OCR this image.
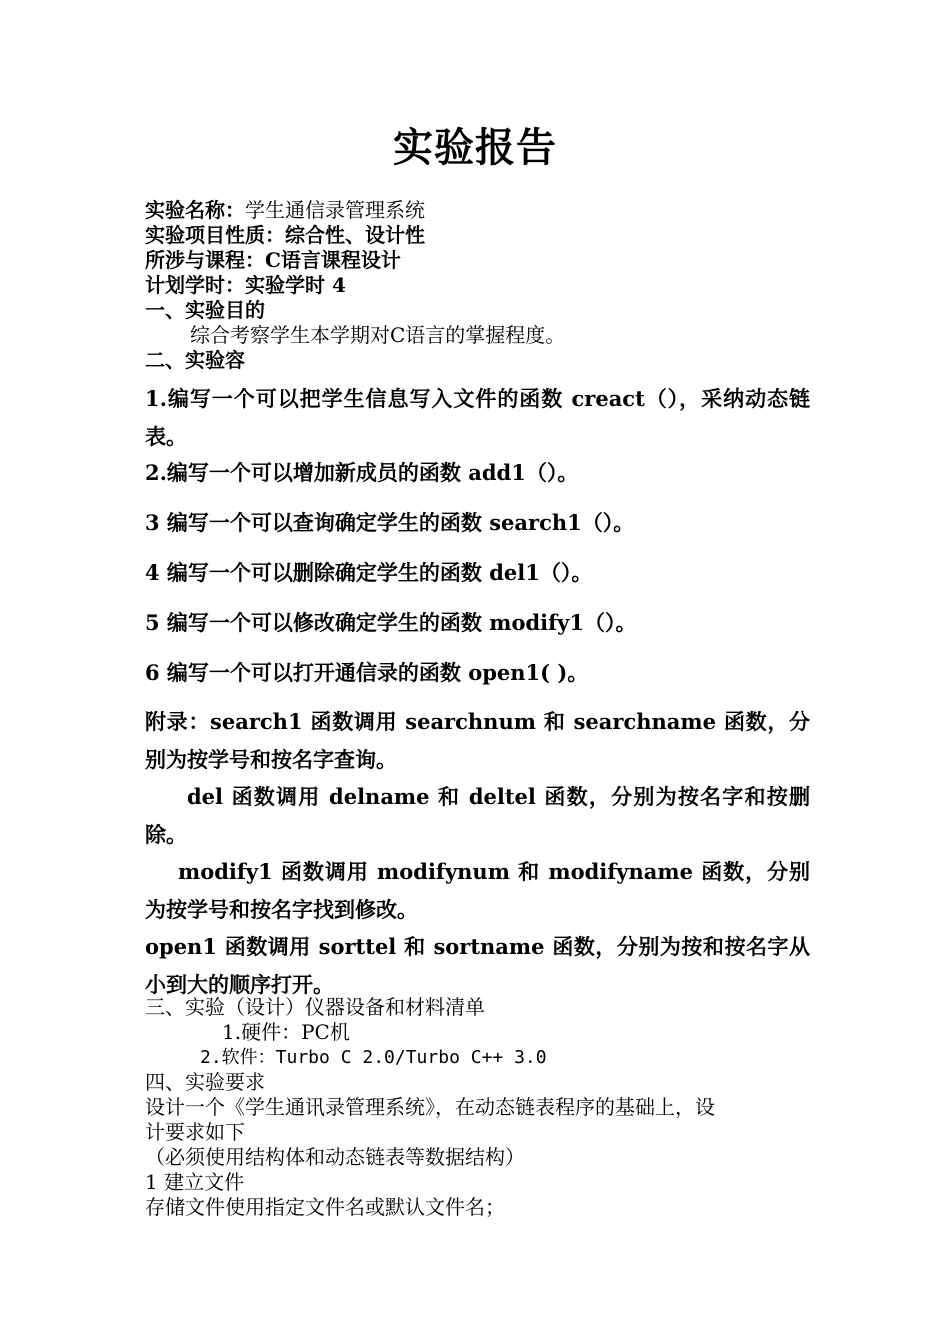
实验报告
实验名称：学生通信录管理系统
实验项目性质：综合性、设计性
所涉与课程：C语言课程设计
计划学时：实验学时 4
一、实验目的
综合考察学生本学期对C语言的掌握程度。
二、实验容
1.编写一个可以把学生信息写入文件的函数 creact（），采纳动态链表。
2.编写一个可以增加新成员的函数 add1（）。
3 编写一个可以查询确定学生的函数 search1（）。
4 编写一个可以删除确定学生的函数 del1（）。
5 编写一个可以修改确定学生的函数 modify1（）。
6 编写一个可以打开通信录的函数 open1( )。
附录：search1 函数调用 searchnum 和 searchname 函数，分别为按学号和按名字查询。
del 函数调用 delname 和 deltel 函数，分别为按名字和按删除。
modify1 函数调用 modifynum 和 modifyname 函数，分别为按学号和按名字找到修改。
open1 函数调用 sorttel 和 sortname 函数，分别为按和按名字从小到大的顺序打开。
三、实验（设计）仪器设备和材料清单
1.硬件：PC机
2.软件：Turbo C 2.0/Turbo C++ 3.0
四、实验要求
设计一个《学生通讯录管理系统》，在动态链表程序的基础上，设
计要求如下
（必须使用结构体和动态链表等数据结构）
1 建立文件
存储文件使用指定文件名或默认文件名；
